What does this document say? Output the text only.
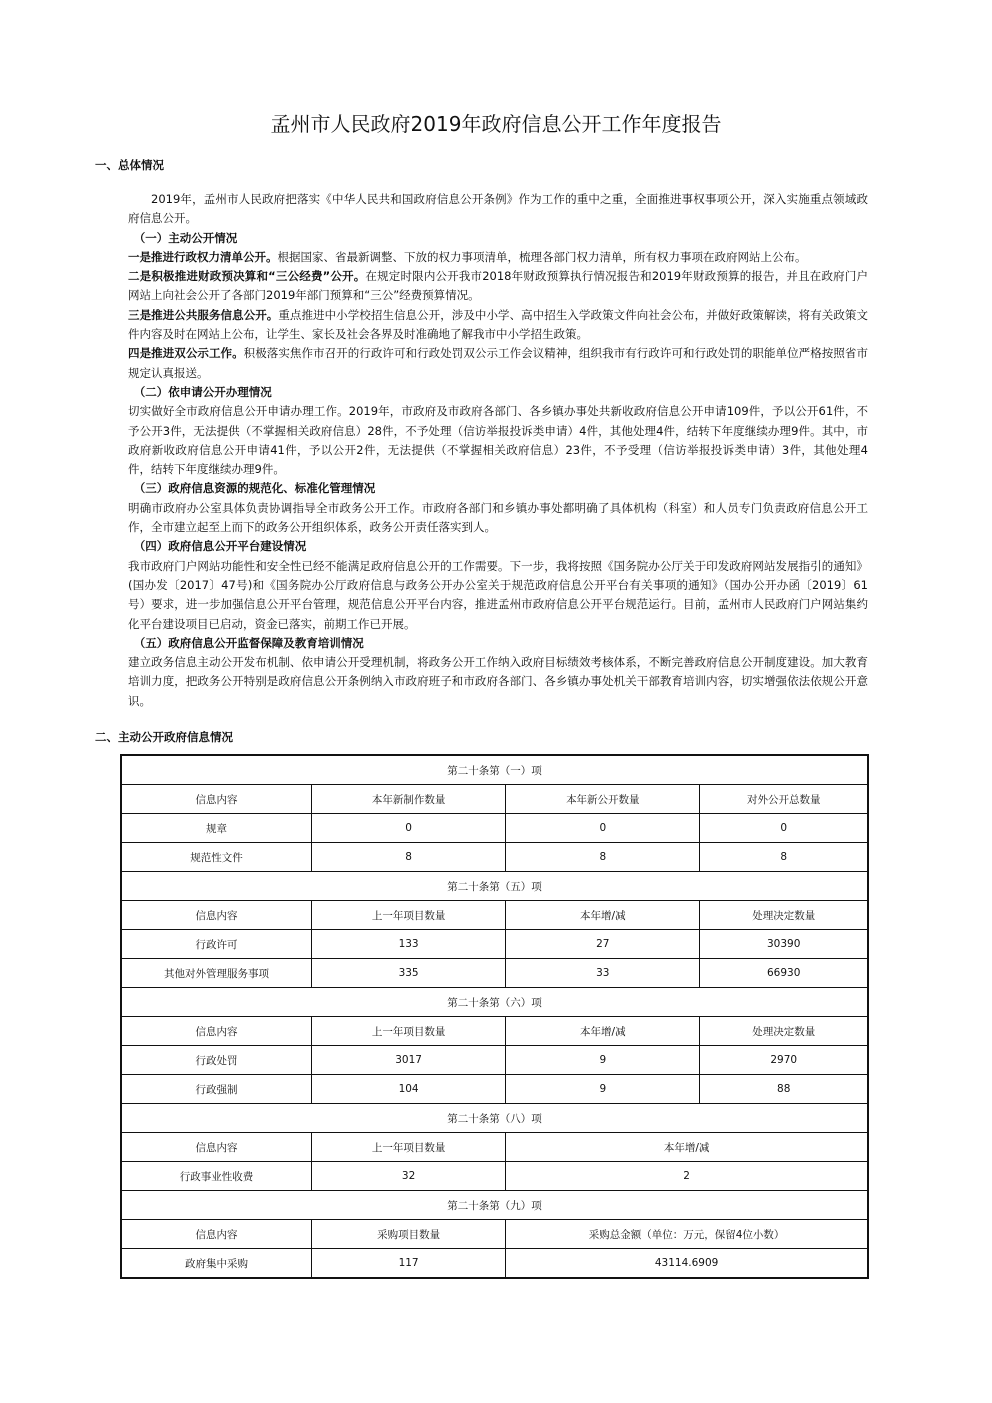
孟州市人民政府2019年政府信息公开工作年度报告
一、总体情况

2019年，孟州市人民政府把落实《中华人民共和国政府信息公开条例》作为工作的重中之重，全面推进事权事项公开，深入实施重点领域政府信息公开。

（一）主动公开情况

一是推进行政权力清单公开。根据国家、省最新调整、下放的权力事项清单，梳理各部门权力清单，所有权力事项在政府网站上公布。

二是积极推进财政预决算和“三公经费”公开。在规定时限内公开我市2018年财政预算执行情况报告和2019年财政预算的报告，并且在政府门户网站上向社会公开了各部门2019年部门预算和“三公”经费预算情况。

三是推进公共服务信息公开。重点推进中小学校招生信息公开，涉及中小学、高中招生入学政策文件向社会公布，并做好政策解读，将有关政策文件内容及时在网站上公布，让学生、家长及社会各界及时准确地了解我市中小学招生政策。

四是推进双公示工作。积极落实焦作市召开的行政许可和行政处罚双公示工作会议精神，组织我市有行政许可和行政处罚的职能单位严格按照省市规定认真报送。

（二）依申请公开办理情况

切实做好全市政府信息公开申请办理工作。2019年，市政府及市政府各部门、各乡镇办事处共新收政府信息公开申请109件，予以公开61件，不予公开3件，无法提供（不掌握相关政府信息）28件，不予处理（信访举报投诉类申请）4件，其他处理4件，结转下年度继续办理9件。其中，市政府新收政府信息公开申请41件，予以公开2件，无法提供（不掌握相关政府信息）23件，不予受理（信访举报投诉类申请）3件，其他处理4件，结转下年度继续办理9件。

（三）政府信息资源的规范化、标准化管理情况

明确市政府办公室具体负责协调指导全市政务公开工作。市政府各部门和乡镇办事处都明确了具体机构（科室）和人员专门负责政府信息公开工作，全市建立起至上而下的政务公开组织体系，政务公开责任落实到人。

（四）政府信息公开平台建设情况

我市政府门户网站功能性和安全性已经不能满足政府信息公开的工作需要。下一步，我将按照《国务院办公厅关于印发政府网站发展指引的通知》(国办发〔2017〕47号)和《国务院办公厅政府信息与政务公开办公室关于规范政府信息公开平台有关事项的通知》（国办公开办函〔2019〕61号）要求，进一步加强信息公开平台管理，规范信息公开平台内容，推进孟州市政府信息公开平台规范运行。目前，孟州市人民政府门户网站集约化平台建设项目已启动，资金已落实，前期工作已开展。

（五）政府信息公开监督保障及教育培训情况

建立政务信息主动公开发布机制、依申请公开受理机制，将政务公开工作纳入政府目标绩效考核体系，不断完善政府信息公开制度建设。加大教育培训力度，把政务公开特别是政府信息公开条例纳入市政府班子和市政府各部门、各乡镇办事处机关干部教育培训内容，切实增强依法依规公开意识。

二、主动公开政府信息情况
第二十条第（一）项			
信息内容	本年新制作数量	本年新公开数量	对外公开总数量
规章	0	0	0
规范性文件	8	8	8
第二十条第（五）项			
信息内容	上一年项目数量	本年增/减	处理决定数量
行政许可	133	27	30390
其他对外管理服务事项	335	33	66930
第二十条第（六）项			
信息内容	上一年项目数量	本年增/减	处理决定数量
行政处罚	3017	9	2970
行政强制	104	9	88
第二十条第（八）项			
信息内容	上一年项目数量	本年增/减	
行政事业性收费	32	2	
第二十条第（九）项			
信息内容	采购项目数量	采购总金额（单位：万元，保留4位小数）	
政府集中采购	117	43114.6909	
